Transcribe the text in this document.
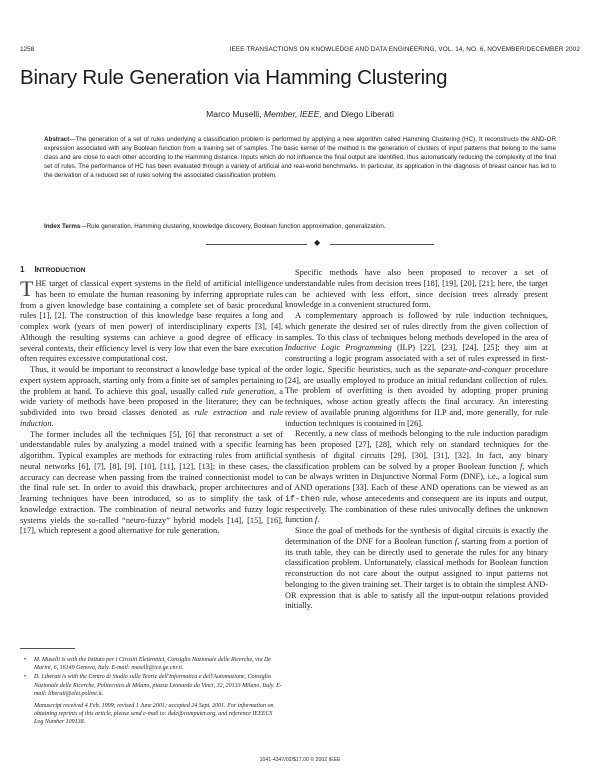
1258	IEEE TRANSACTIONS ON KNOWLEDGE AND DATA ENGINEERING, VOL. 14, NO. 6, NOVEMBER/DECEMBER 2002
Binary Rule Generation via Hamming Clustering
Marco Muselli, Member, IEEE, and Diego Liberati
Abstract—The generation of a set of rules underlying a classification problem is performed by applying a new algorithm called Hamming Clustering (HC). It reconstructs the AND-OR expression associated with any Boolean function from a training set of samples. The basic kernel of the method is the generation of clusters of input patterns that belong to the same class and are close to each other according to the Hamming distance. Inputs which do not influence the final output are identified, thus automatically reducing the complexity of the final set of rules. The performance of HC has been evaluated through a variety of artificial and real-world benchmarks. In particular, its application in the diagnosis of breast cancer has led to the derivation of a reduced set of rules solving the associated classification problem.
Index Terms—Rule generation, Hamming clustering, knowledge discovery, Boolean function approximation, generalization.
◆
1 INTRODUCTION

THE target of classical expert systems in the field of artificial intelligence has been to emulate the human reasoning by inferring appropriate rules from a given knowledge base containing a complete set of basic procedural rules [1], [2]. The construction of this knowledge base requires a long and complex work (years of men power) of interdisciplinary experts [3], [4]. Although the resulting systems can achieve a good degree of efficacy in several contexts, their efficiency level is very low that even the bare execution often requires excessive computational cost.

Thus, it would be important to reconstruct a knowledge base typical of the expert system approach, starting only from a finite set of samples pertaining to the problem at hand. To achieve this goal, usually called rule generation, a wide variety of methods have been proposed in the literature; they can be subdivided into two broad classes denoted as rule extraction and rule induction.

The former includes all the techniques [5], [6] that reconstruct a set of understandable rules by analyzing a model trained with a specific learning algorithm. Typical examples are methods for extracting rules from artificial neural networks [6], [7], [8], [9], [10], [11], [12], [13]; in these cases, the accuracy can decrease when passing from the trained connectionist model to the final rule set. In order to avoid this drawback, proper architectures and learning techniques have been introduced, so as to simplify the task of knowledge extraction. The combination of neural networks and fuzzy logic systems yields the so-called “neuro-fuzzy” hybrid models [14], [15], [16], [17], which represent a good alternative for rule generation.

• M. Muselli is with the Istituto per i Circuiti Elettronici, Consiglio Nazionale delle Ricerche, via De Marini, 6, 16149 Genova, Italy. E-mail: muselli@ice.ge.cnr.it.

• D. Liberati is with the Centro di Studio sulle Teorie dell'Informatica e dell'Automazione, Consiglio Nazionale delle Ricerche, Politecnico di Milano, piazza Leonardo da Vinci, 32, 20133 Milano, Italy. E-mail: liberati@elet.polimi.it.

Manuscript received 4 Feb. 1999; revised 1 June 2001; accepted 24 Sept. 2001. For information on obtaining reprints of this article, please send e-mail to: tkde@computer.org, and reference IEEECS Log Number 109138.

Specific methods have also been proposed to recover a set of understandable rules from decision trees [18], [19], [20], [21]; here, the target can be achieved with less effort, since decision trees already present knowledge in a convenient structured form.

A complementary approach is followed by rule induction techniques, which generate the desired set of rules directly from the given collection of samples. To this class of techniques belong methods developed in the area of Inductive Logic Programming (ILP) [22], [23], [24], [25]; they aim at constructing a logic program associated with a set of rules expressed in first-order logic. Specific heuristics, such as the separate-and-conquer procedure [24], are usually employed to produce an initial redundant collection of rules. The problem of overfitting is then avoided by adopting proper pruning techniques, whose action greatly affects the final accuracy. An interesting review of available pruning algorithms for ILP and, more generally, for rule induction techniques is contained in [26].

Recently, a new class of methods belonging to the rule induction paradigm has been proposed [27], [28], which rely on standard techniques for the synthesis of digital circuits [29], [30], [31], [32]. In fact, any binary classification problem can be solved by a proper Boolean function f, which can be always written in Disjunctive Normal Form (DNF), i.e., a logical sum of AND operations [33]. Each of these AND operations can be viewed as an if-then rule, whose antecedents and consequent are its inputs and output, respectively. The combination of these rules univocally defines the unknown function f.

Since the goal of methods for the synthesis of digital circuits is exactly the determination of the DNF for a Boolean function f, starting from a portion of its truth table, they can be directly used to generate the rules for any binary classification problem. Unfortunately, classical methods for Boolean function reconstruction do not care about the output assigned to input patterns not belonging to the given training set. Their target is to obtain the simplest AND-OR expression that is able to satisfy all the input-output relations provided initially.

1041-4347/02/$17.00 © 2002 IEEE
